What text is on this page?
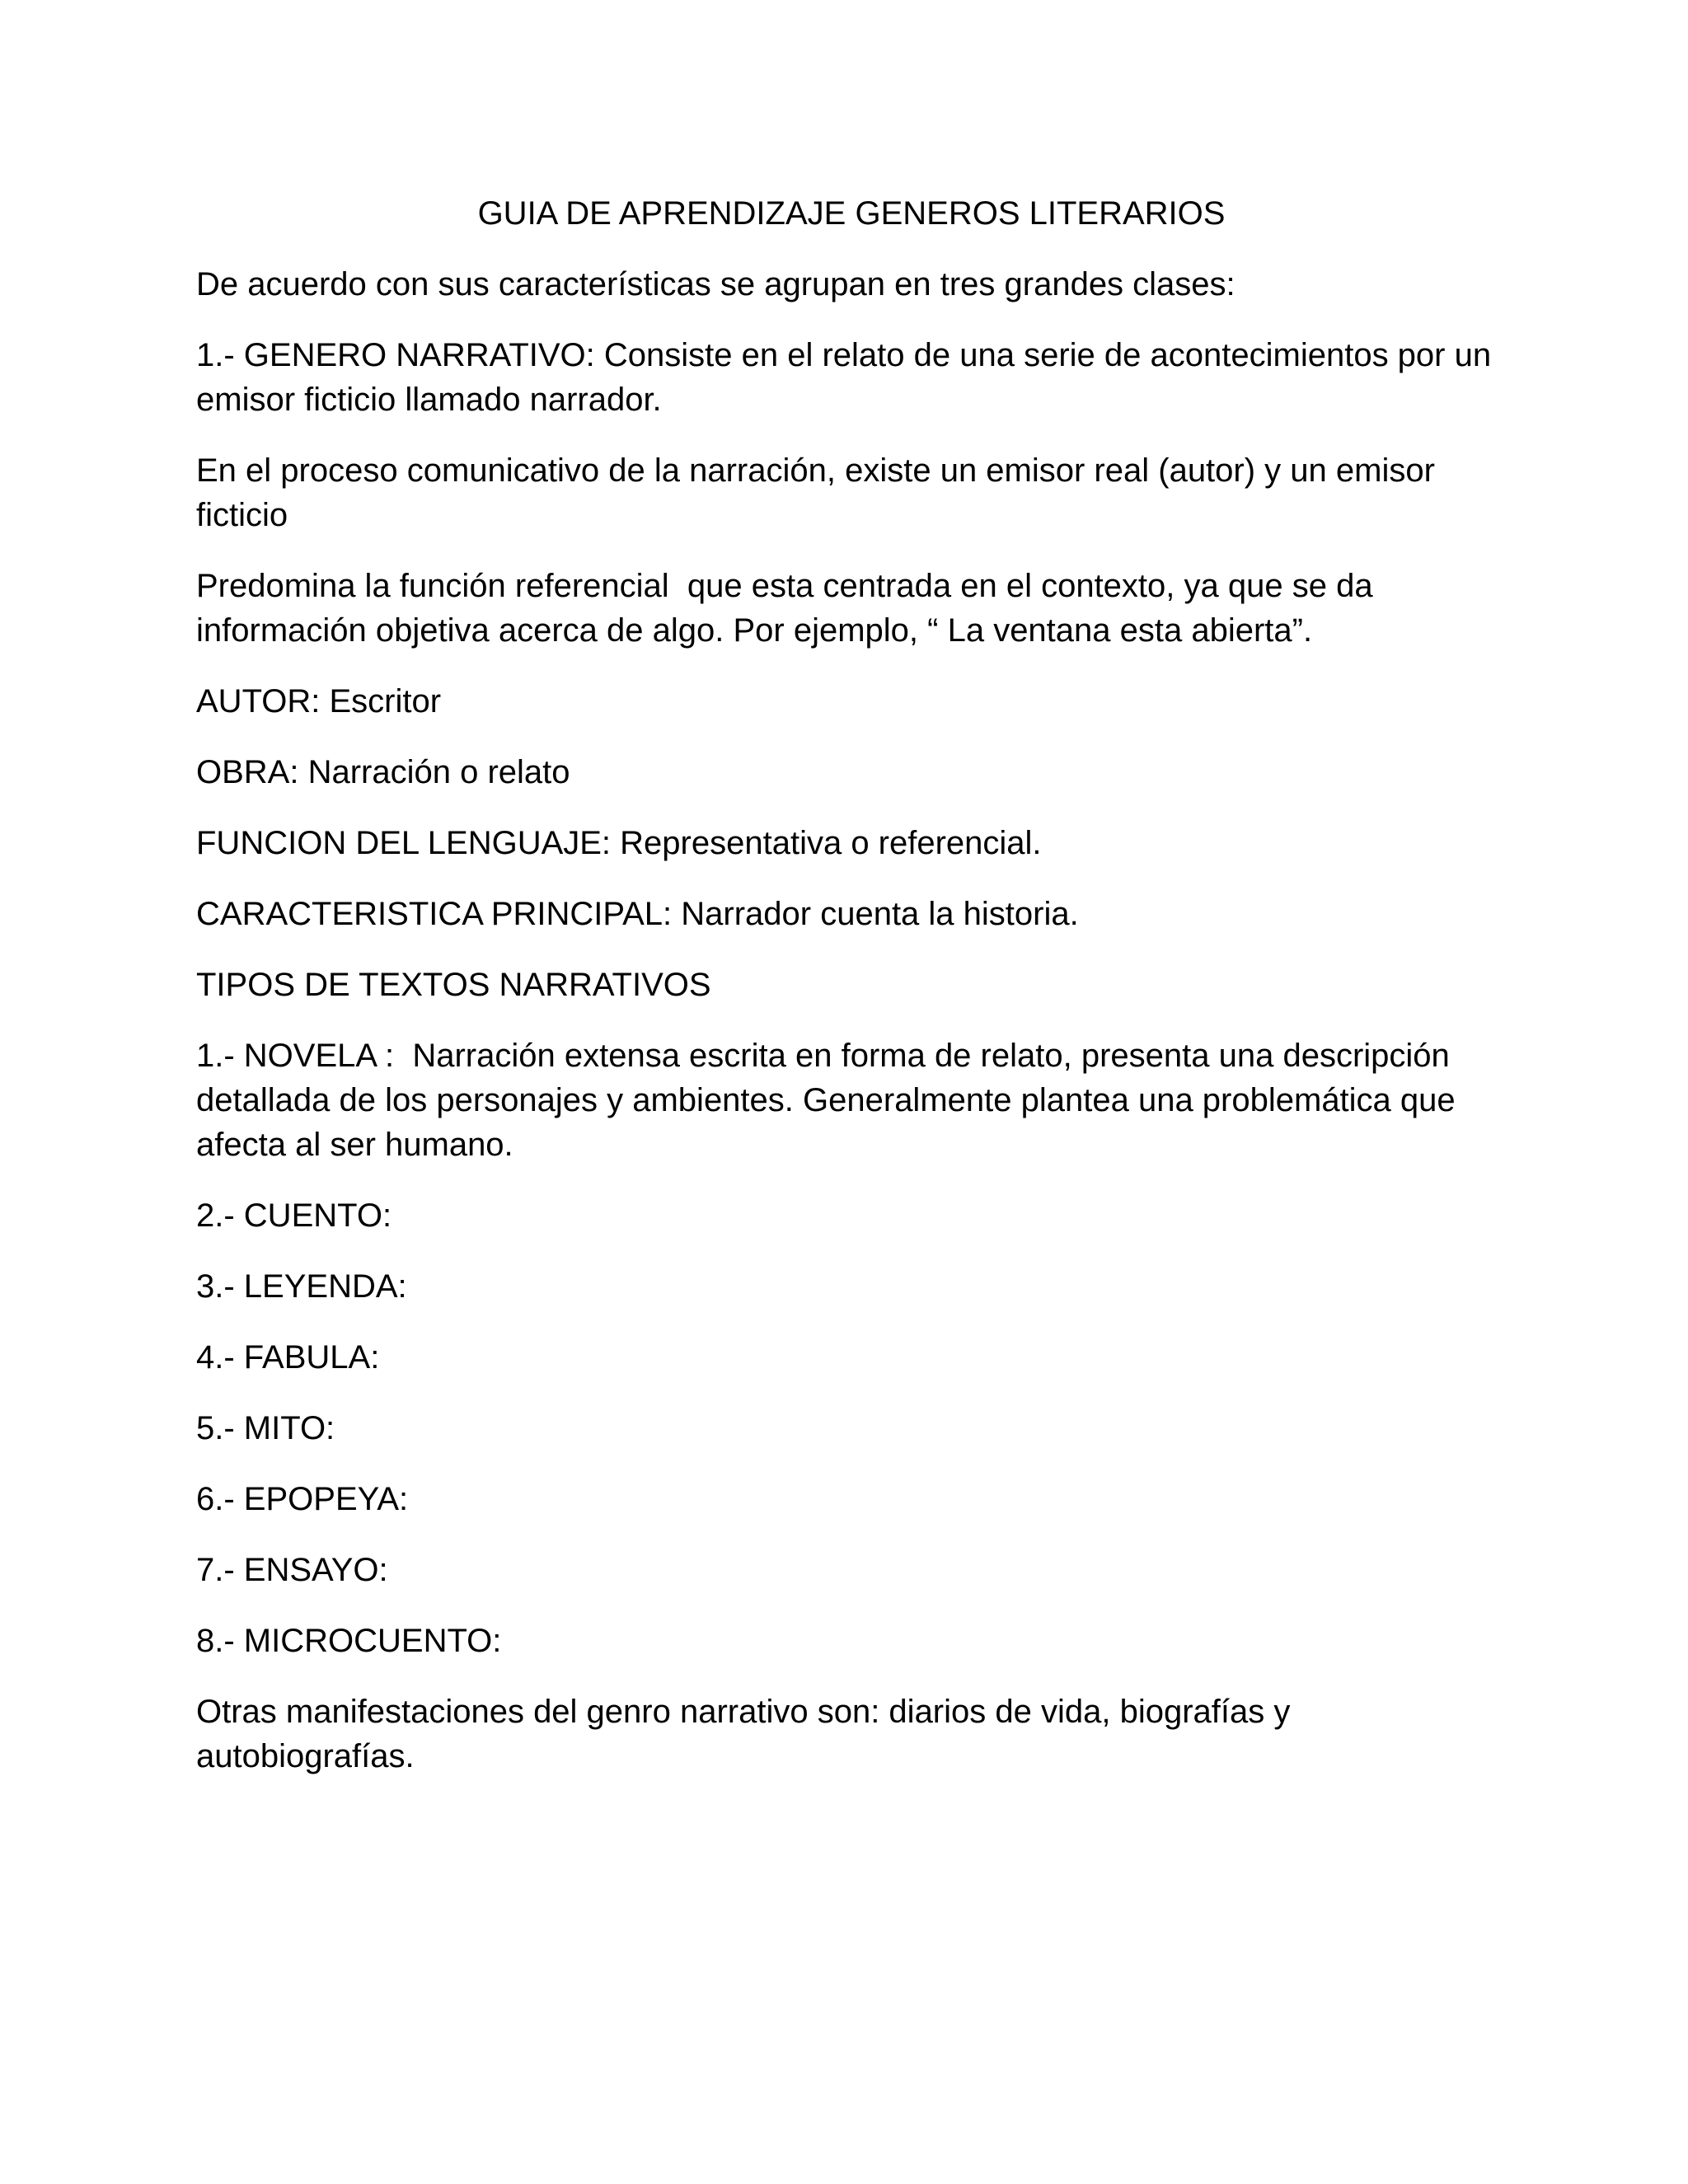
GUIA DE APRENDIZAJE GENEROS LITERARIOS

De acuerdo con sus características se agrupan en tres grandes clases:

1.- GENERO NARRATIVO: Consiste en el relato de una serie de acontecimientos por un emisor ficticio llamado narrador.

En el proceso comunicativo de la narración, existe un emisor real (autor) y un emisor ficticio

Predomina la función referencial  que esta centrada en el contexto, ya que se da información objetiva acerca de algo. Por ejemplo, “ La ventana esta abierta”.

AUTOR: Escritor

OBRA: Narración o relato

FUNCION DEL LENGUAJE: Representativa o referencial.

CARACTERISTICA PRINCIPAL: Narrador cuenta la historia.

TIPOS DE TEXTOS NARRATIVOS

1.- NOVELA :  Narración extensa escrita en forma de relato, presenta una descripción detallada de los personajes y ambientes. Generalmente plantea una problemática que afecta al ser humano.

2.- CUENTO:

3.- LEYENDA:

4.- FABULA:

5.- MITO:

6.- EPOPEYA:

7.- ENSAYO:

8.- MICROCUENTO:

Otras manifestaciones del genro narrativo son: diarios de vida, biografías y autobiografías.
